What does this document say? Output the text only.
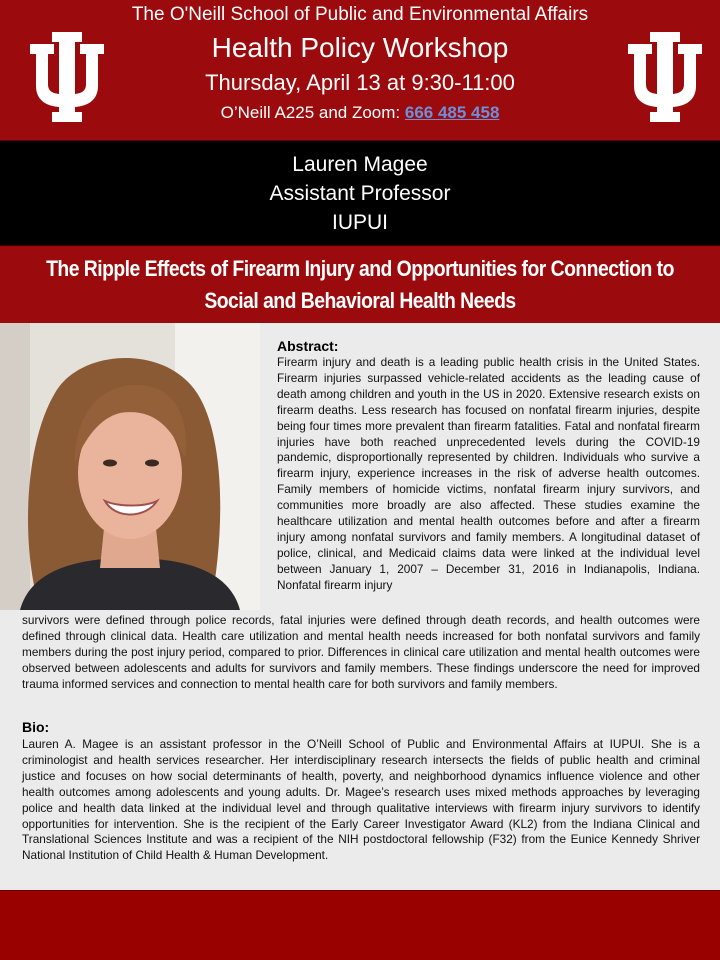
The O'Neill School of Public and Environmental Affairs
Health Policy Workshop
Thursday, April 13 at 9:30-11:00
O’Neill A225 and Zoom: 666 485 458
Lauren Magee
Assistant Professor
IUPUI
The Ripple Effects of Firearm Injury and Opportunities for Connection to
Social and Behavioral Health Needs
Abstract:

Firearm injury and death is a leading public health crisis in the United States. Firearm injuries surpassed vehicle-related accidents as the leading cause of death among children and youth in the US in 2020. Extensive research exists on firearm deaths. Less research has focused on nonfatal firearm injuries, despite being four times more prevalent than firearm fatalities. Fatal and nonfatal firearm injuries have both reached unprecedented levels during the COVID-19 pandemic, disproportionally represented by children. Individuals who survive a firearm injury, experience increases in the risk of adverse health outcomes. Family members of homicide victims, nonfatal firearm injury survivors, and communities more broadly are also affected. These studies examine the healthcare utilization and mental health outcomes before and after a firearm injury among nonfatal survivors and family members. A longitudinal dataset of police, clinical, and Medicaid claims data were linked at the individual level between January 1, 2007 – December 31, 2016 in Indianapolis, Indiana. Nonfatal firearm injury

survivors were defined through police records, fatal injuries were defined through death records, and health outcomes were defined through clinical data. Health care utilization and mental health needs increased for both nonfatal survivors and family members during the post injury period, compared to prior. Differences in clinical care utilization and mental health outcomes were observed between adolescents and adults for survivors and family members. These findings underscore the need for improved trauma informed services and connection to mental health care for both survivors and family members.

Bio:

Lauren A. Magee is an assistant professor in the O’Neill School of Public and Environmental Affairs at IUPUI. She is a criminologist and health services researcher. Her interdisciplinary research intersects the fields of public health and criminal justice and focuses on how social determinants of health, poverty, and neighborhood dynamics influence violence and other health outcomes among adolescents and young adults. Dr. Magee’s research uses mixed methods approaches by leveraging police and health data linked at the individual level and through qualitative interviews with firearm injury survivors to identify opportunities for intervention. She is the recipient of the Early Career Investigator Award (KL2) from the Indiana Clinical and Translational Sciences Institute and was a recipient of the NIH postdoctoral fellowship (F32) from the Eunice Kennedy Shriver National Institution of Child Health & Human Development.
